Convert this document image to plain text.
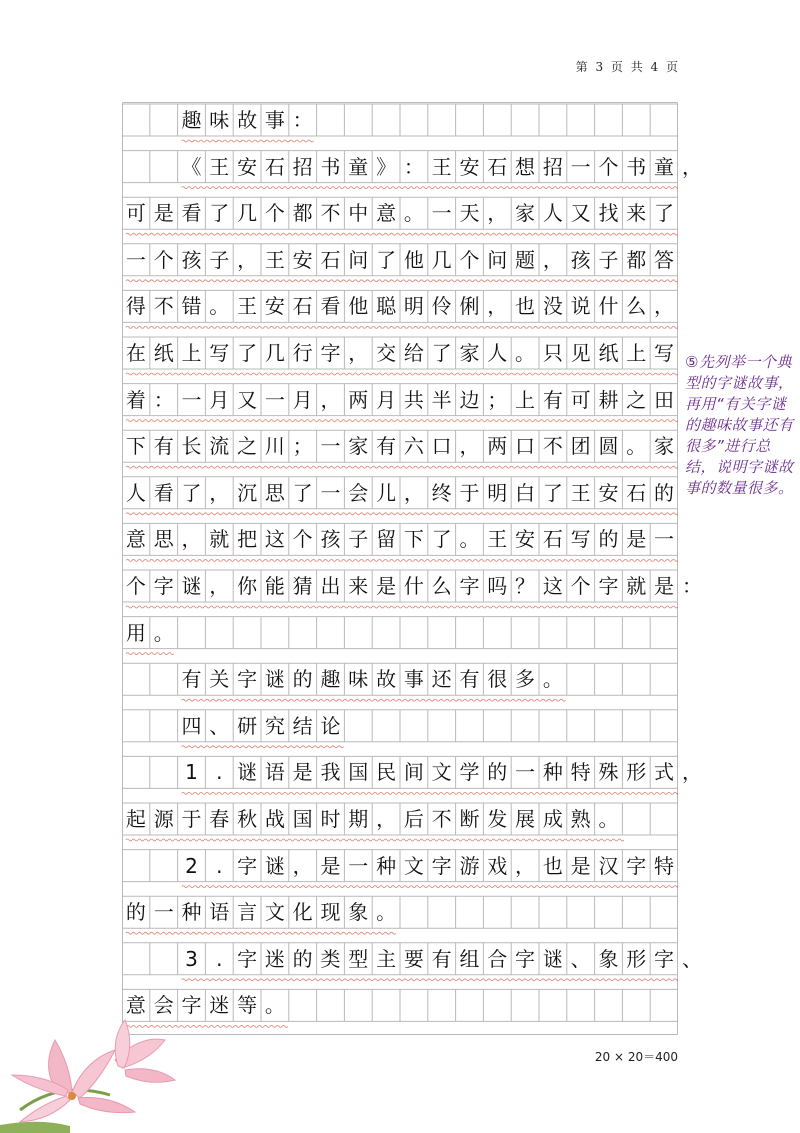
第 3 页 共 4 页
趣 味 故 事 ：
《 王 安 石 招 书 童 》 ： 王 安 石 想 招 一 个 书 童 ，
可 是 看 了 几 个 都 不 中 意 。 一 天 ， 家 人 又 找 来 了
一 个 孩 子 ， 王 安 石 问 了 他 几 个 问 题 ， 孩 子 都 答
得 不 错 。 王 安 石 看 他 聪 明 伶 俐 ， 也 没 说 什 么 ，
在 纸 上 写 了 几 行 字 ， 交 给 了 家 人 。 只 见 纸 上 写
着 ： 一 月 又 一 月 ， 两 月 共 半 边 ； 上 有 可 耕 之 田
下 有 长 流 之 川 ； 一 家 有 六 口 ， 两 口 不 团 圆 。 家
人 看 了 ， 沉 思 了 一 会 儿 ， 终 于 明 白 了 王 安 石 的
意 思 ， 就 把 这 个 孩 子 留 下 了 。 王 安 石 写 的 是 一
个 字 谜 ， 你 能 猜 出 来 是 什 么 字 吗 ？ 这 个 字 就 是 ：
用 。
有 关 字 谜 的 趣 味 故 事 还 有 很 多 。
四 、 研 究 结 论
1 . 谜 语 是 我 国 民 间 文 学 的 一 种 特 殊 形 式 ，
起 源 于 春 秋 战 国 时 期 ， 后 不 断 发 展 成 熟 。
2 . 字 谜 ， 是 一 种 文 字 游 戏 ， 也 是 汉 字 特
的 一 种 语 言 文 化 现 象 。
3 . 字 迷 的 类 型 主 要 有 组 合 字 谜 、 象 形 字 、
意 会 字 迷 等 。
⑤先列举一个典型的字谜故事，再用“有关字谜的趣味故事还有很多”进行总结，说明字谜故事的数量很多。
20 × 20＝400
